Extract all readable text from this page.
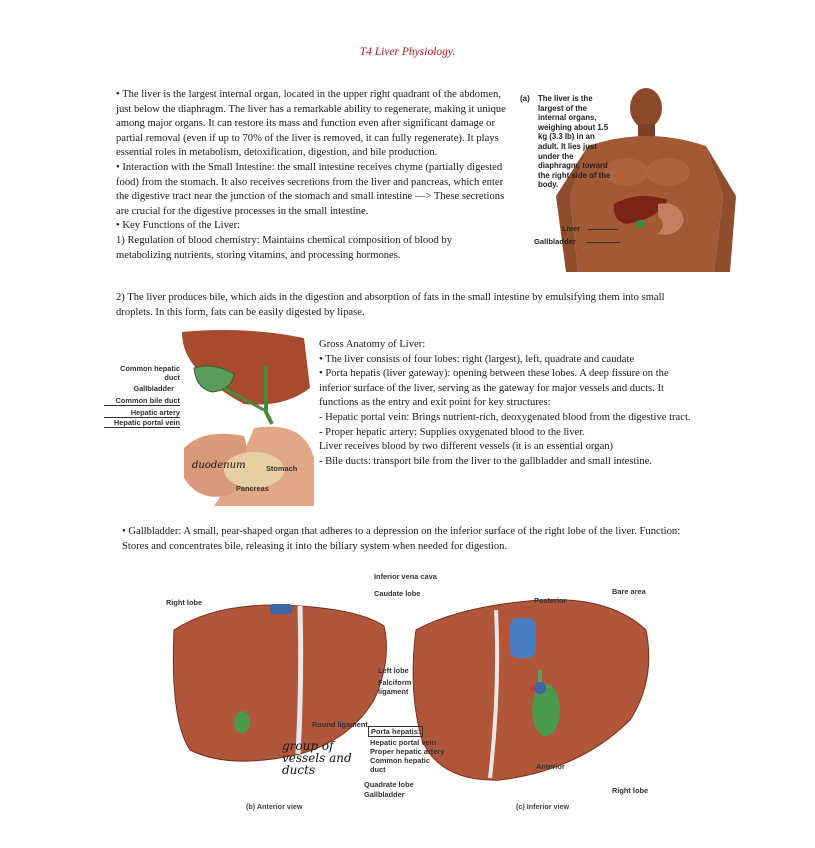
T4 Liver Physiology.

• The liver is the largest internal organ, located in the upper right quadrant of the abdomen, just below the diaphragm. The liver has a remarkable ability to regenerate, making it unique among major organs. It can restore its mass and function even after significant damage or partial removal (even if up to 70% of the liver is removed, it can fully regenerate). It plays essential roles in metabolism, detoxification, digestion, and bile production.

• Interaction with the Small Intestine: the small intestine receives chyme (partially digested food) from the stomach. It also receives secretions from the liver and pancreas, which enter the digestive tract near the junction of the stomach and small intestine —> These secretions are crucial for the digestive processes in the small intestine.

• Key Functions of the Liver:

1) Regulation of blood chemistry: Maintains chemical composition of blood by metabolizing nutrients, storing vitamins, and processing hormones.

2) The liver produces bile, which aids in the digestion and absorption of fats in the small intestine by emulsifying them into small droplets. In this form, fats can be easily digested by lipase.

(a) The liver is the largest of the internal organs, weighing about 1.5 kg (3.3 lb) in an adult. It lies just under the diaphragm, toward the right side of the body.
Liver
Gallbladder
Common hepatic duct
Gallbladder
Common bile duct
Hepatic artery
Hepatic portal vein
Stomach
Pancreas
duodenum

Gross Anatomy of Liver:

• The liver consists of four lobes: right (largest), left, quadrate and caudate

• Porta hepatis (liver gateway): opening between these lobes. A deep fissure on the inferior surface of the liver, serving as the gateway for major vessels and ducts. It functions as the entry and exit point for key structures:

- Hepatic portal vein: Brings nutrient-rich, deoxygenated blood from the digestive tract.

- Proper hepatic artery: Supplies oxygenated blood to the liver.

Liver receives blood by two different vessels (it is an essential organ)

- Bile ducts: transport bile from the liver to the gallbladder and small intestine.

• Gallbladder: A small, pear-shaped organ that adheres to a depression on the inferior surface of the right lobe of the liver. Function: Stores and concentrates bile, releasing it into the biliary system when needed for digestion.

Right lobe
Left lobe
Falciform ligament
Round ligament
Porta hepatis:
Hepatic portal vein
Proper hepatic artery
Common hepatic duct
Quadrate lobe
Gallbladder
Inferior vena cava
Caudate lobe
Posterior
Bare area
Anterior
Right lobe
(b) Anterior view	(c) Inferior view
group of vessels and ducts
